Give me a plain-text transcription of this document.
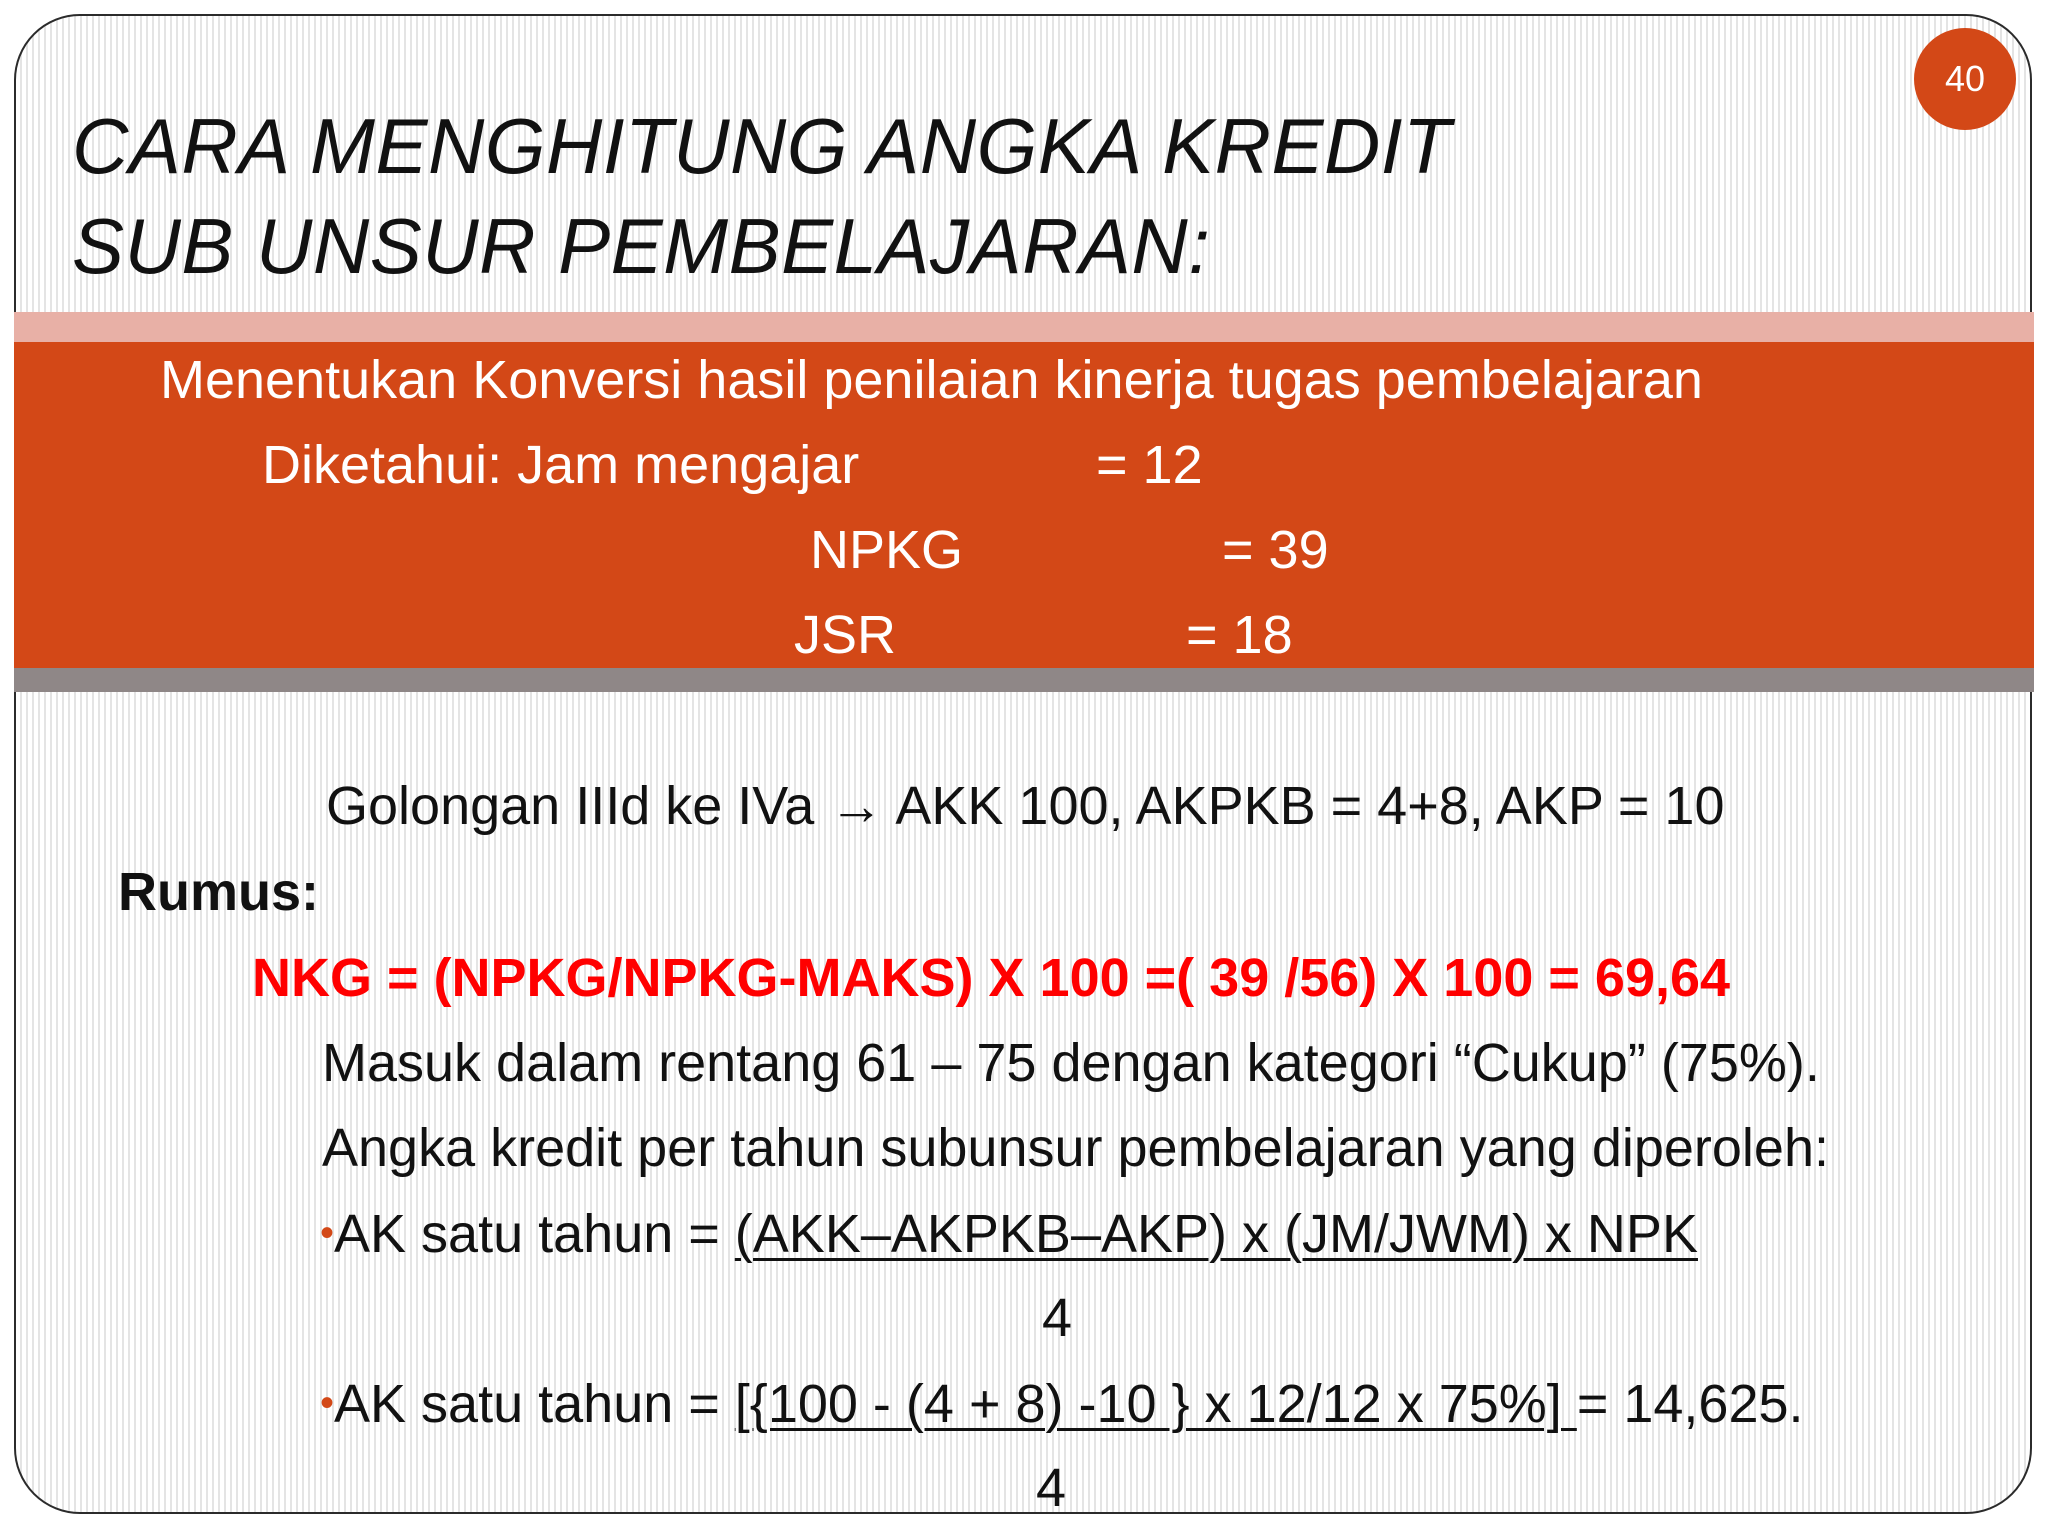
40
CARA MENGHITUNG ANGKA KREDIT
SUB UNSUR PEMBELAJARAN:
Menentukan Konversi hasil penilaian kinerja tugas pembelajaran
Diketahui: Jam mengajar	= 12
NPKG	= 39
JSR	= 18
Golongan IIId ke IVa → AKK 100, AKPKB = 4+8, AKP = 10
Rumus:
NKG = (NPKG/NPKG-MAKS) X 100 =( 39 /56) X 100 = 69,64
Masuk dalam rentang 61 – 75 dengan kategori “Cukup” (75%).
Angka kredit per tahun subunsur pembelajaran yang diperoleh:
•AK satu tahun = (AKK–AKPKB–AKP) x (JM/JWM) x NPK
4
•AK satu tahun = [{100 - (4 + 8) -10 } x 12/12 x 75%] = 14,625.
4
